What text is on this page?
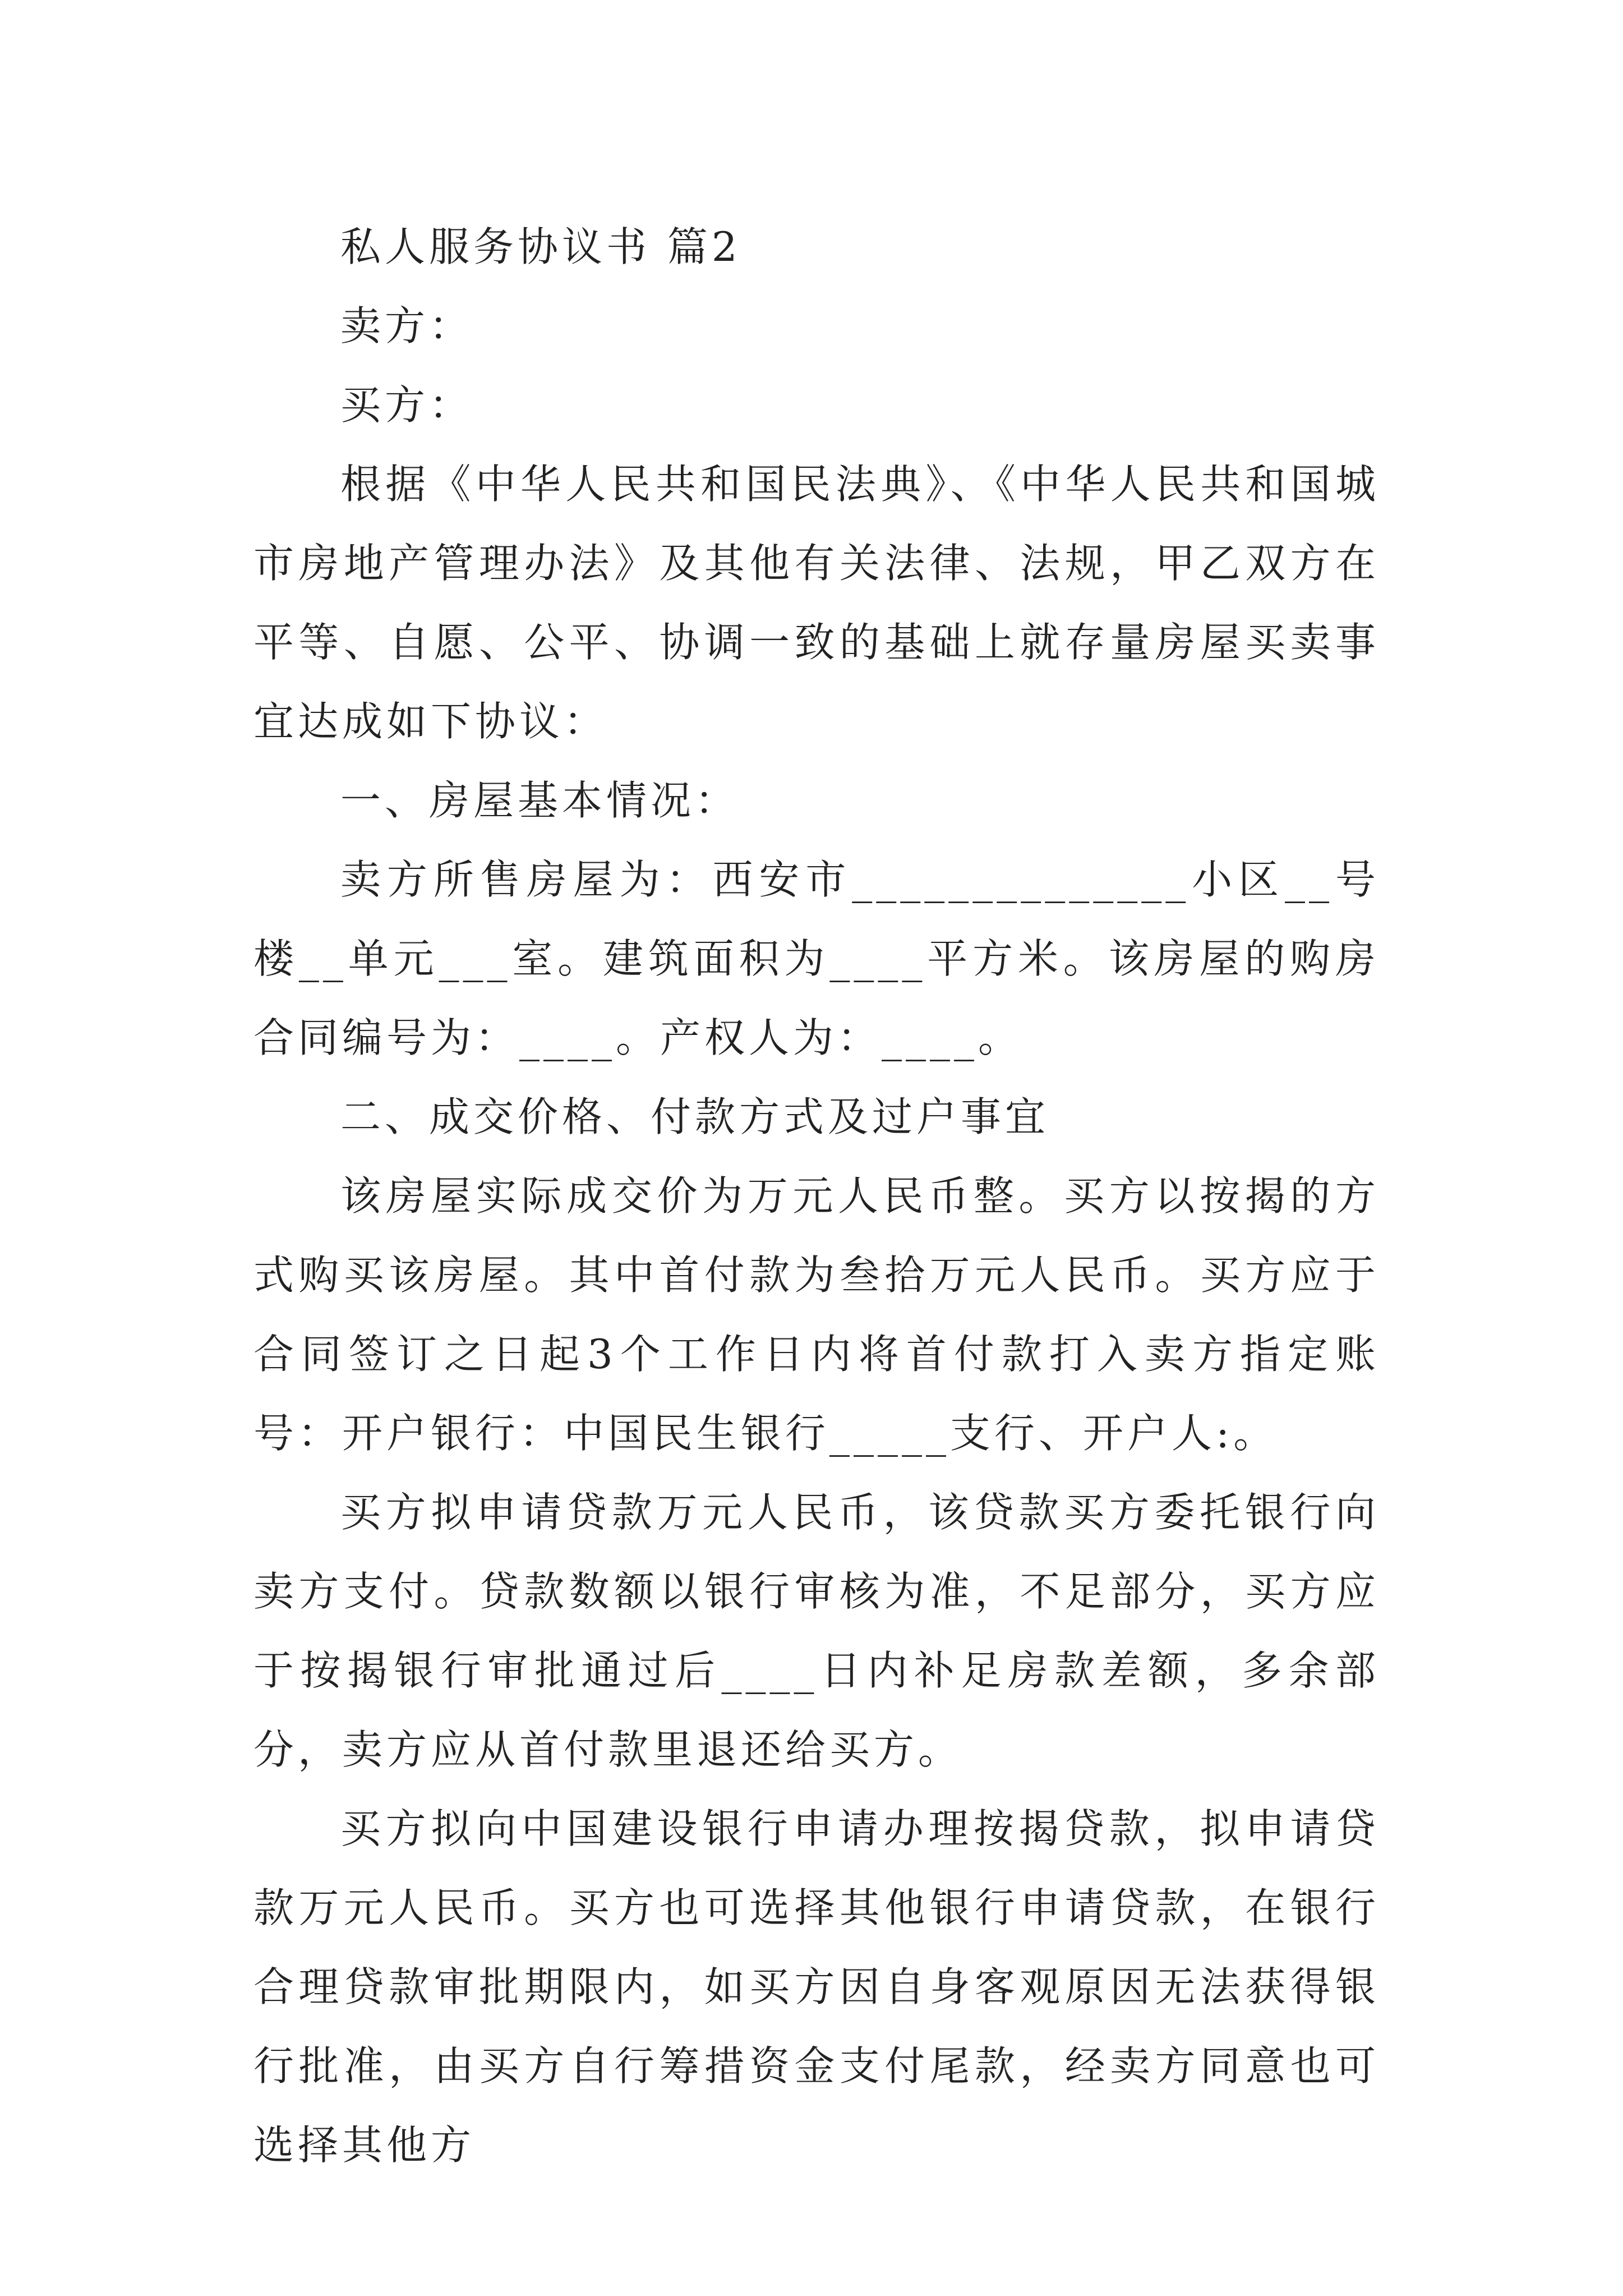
私人服务协议书 篇2

卖方：

买方：

根据《中华人民共和国民法典》、《中华人民共和国城市房地产管理办法》及其他有关法律、法规，甲乙双方在平等、自愿、公平、协调一致的基础上就存量房屋买卖事宜达成如下协议：

一、房屋基本情况：

卖方所售房屋为：西安市______________小区__号楼__单元___室。建筑面积为____平方米。该房屋的购房合同编号为：____。产权人为：____。

二、成交价格、付款方式及过户事宜

该房屋实际成交价为万元人民币整。买方以按揭的方式购买该房屋。其中首付款为叁拾万元人民币。买方应于合同签订之日起3个工作日内将首付款打入卖方指定账号：开户银行：中国民生银行_____支行、开户人:。

买方拟申请贷款万元人民币，该贷款买方委托银行向卖方支付。贷款数额以银行审核为准，不足部分，买方应于按揭银行审批通过后____日内补足房款差额，多余部分，卖方应从首付款里退还给买方。

买方拟向中国建设银行申请办理按揭贷款，拟申请贷款万元人民币。买方也可选择其他银行申请贷款，在银行合理贷款审批期限内，如买方因自身客观原因无法获得银行批准，由买方自行筹措资金支付尾款，经卖方同意也可选择其他方
